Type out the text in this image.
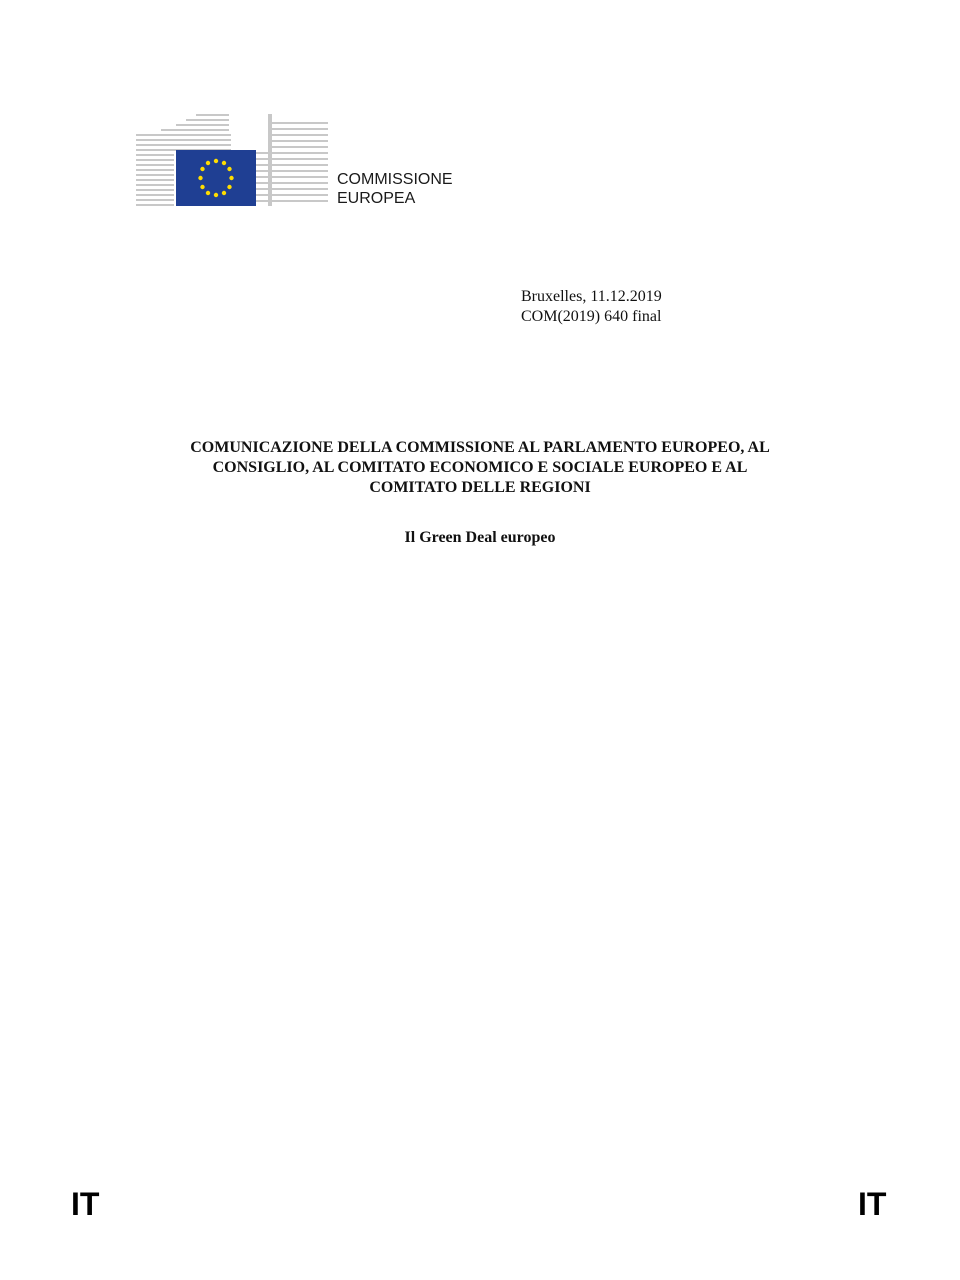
COMMISSIONE
EUROPEA
Bruxelles, 11.12.2019
COM(2019) 640 final
COMUNICAZIONE DELLA COMMISSIONE AL PARLAMENTO EUROPEO, AL
CONSIGLIO, AL COMITATO ECONOMICO E SOCIALE EUROPEO E AL
COMITATO DELLE REGIONI
Il Green Deal europeo
IT	IT
